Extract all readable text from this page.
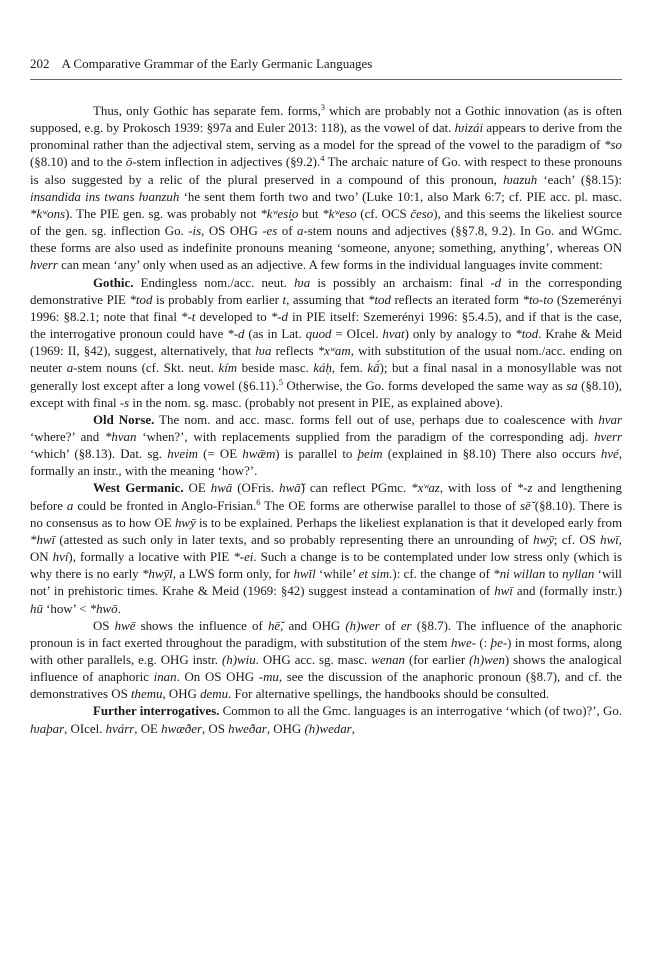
202 A Comparative Grammar of the Early Germanic Languages

Thus, only Gothic has separate fem. forms,$^3$ which are probably not a Gothic innovation (as is often supposed, e.g. by Prokosch 1939: §97a and Euler 2013: 118), as the vowel of dat. ƕizái appears to derive from the pronominal rather than the adjectival stem, serving as a model for the spread of the vowel to the paradigm of *so (§8.10) and to the ō-stem inflection in adjectives (§9.2).$^4$ The archaic nature of Go. with respect to these pronouns is also suggested by a relic of the plural preserved in a compound of this pronoun, ƕazuh ‘each’ (§8.15): insandida ins twans ƕanzuh ‘he sent them forth two and two’ (Luke 10:1, also Mark 6:7; cf. PIE acc. pl. masc. *kʷons). The PIE gen. sg. was probably not *kʷesi̯o but *kʷeso (cf. OCS česo), and this seems the likeliest source of the gen. sg. inflection Go. -is, OS OHG -es of a-stem nouns and adjectives (§§7.8, 9.2). In Go. and WGmc. these forms are also used as indefinite pronouns meaning ‘someone, anyone; something, anything’, whereas ON hverr can mean ‘any’ only when used as an adjective. A few forms in the individual languages invite comment:

Gothic. Endingless nom./acc. neut. ƕa is possibly an archaism: final -d in the corresponding demonstrative PIE *tod is probably from earlier t, assuming that *tod reflects an iterated form *to-to (Szemerényi 1996: §8.2.1; note that final *-t developed to *-d in PIE itself: Szemerényi 1996: §5.4.5), and if that is the case, the interrogative pronoun could have *-d (as in Lat. quod = OIcel. hvat) only by analogy to *tod. Krahe & Meid (1969: II, §42), suggest, alternatively, that ƕa reflects *xʷam, with substitution of the usual nom./acc. ending on neuter a-stem nouns (cf. Skt. neut. kím beside masc. káḥ, fem. kā́); but a final nasal in a monosyllable was not generally lost except after a long vowel (§6.11).$^5$ Otherwise, the Go. forms developed the same way as sa (§8.10), except with final -s in the nom. sg. masc. (probably not present in PIE, as explained above).

Old Norse. The nom. and acc. masc. forms fell out of use, perhaps due to coalescence with hvar ‘where?’ and *hvan ‘when?’, with replacements supplied from the paradigm of the corresponding adj. hverr ‘which’ (§8.13). Dat. sg. hveim (= OE hwǣm) is parallel to þeim (explained in §8.10) There also occurs hvé, formally an instr., with the meaning ‘how?’.

West Germanic. OE hwā (OFris. hwā̆) can reflect PGmc. *xʷaz, with loss of *-z and lengthening before a could be fronted in Anglo-Frisian.$^6$ The OE forms are otherwise parallel to those of sē̆ (§8.10). There is no consensus as to how OE hwȳ is to be explained. Perhaps the likeliest explanation is that it developed early from *hwī (attested as such only in later texts, and so probably representing there an unrounding of hwȳ; cf. OS hwī, ON hví), formally a locative with PIE *-ei. Such a change is to be contemplated under low stress only (which is why there is no early *hwȳl, a LWS form only, for hwīl ‘while’ et sim.): cf. the change of *ni willan to nyllan ‘will not’ in prehistoric times. Krahe & Meid (1969: §42) suggest instead a contamination of hwī and (formally instr.) hū ‘how’ < *hwō.

OS hwē shows the influence of hē̆, and OHG (h)wer of er (§8.7). The influence of the anaphoric pronoun is in fact exerted throughout the paradigm, with substitution of the stem hwe- (: þe-) in most forms, along with other parallels, e.g. OHG instr. (h)wiu. OHG acc. sg. masc. wenan (for earlier (h)wen) shows the analogical influence of anaphoric inan. On OS OHG -mu, see the discussion of the anaphoric pronoun (§8.7), and cf. the demonstratives OS themu, OHG demu. For alternative spellings, the handbooks should be consulted.

Further interrogatives. Common to all the Gmc. languages is an interrogative ‘which (of two)?’, Go. ƕaþar, OIcel. hvárr, OE hwæðer, OS hweðar, OHG (h)wedar,
